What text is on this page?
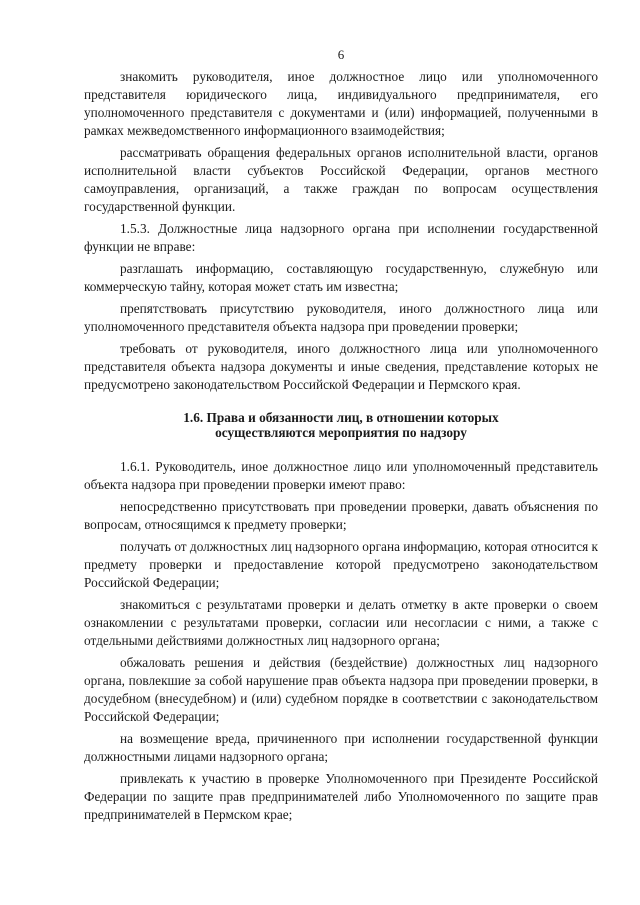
6

знакомить руководителя, иное должностное лицо или уполномоченного представителя юридического лица, индивидуального предпринимателя, его уполномоченного представителя с документами и (или) информацией, полученными в рамках межведомственного информационного взаимодействия;

рассматривать обращения федеральных органов исполнительной власти, органов исполнительной власти субъектов Российской Федерации, органов местного самоуправления, организаций, а также граждан по вопросам осуществления государственной функции.

1.5.3. Должностные лица надзорного органа при исполнении государственной функции не вправе:

разглашать информацию, составляющую государственную, служебную или коммерческую тайну, которая может стать им известна;

препятствовать присутствию руководителя, иного должностного лица или уполномоченного представителя объекта надзора при проведении проверки;

требовать от руководителя, иного должностного лица или уполномоченного представителя объекта надзора документы и иные сведения, представление которых не предусмотрено законодательством Российской Федерации и Пермского края.

1.6. Права и обязанности лиц, в отношении которых
осуществляются мероприятия по надзору

1.6.1. Руководитель, иное должностное лицо или уполномоченный представитель объекта надзора при проведении проверки имеют право:

непосредственно присутствовать при проведении проверки, давать объяснения по вопросам, относящимся к предмету проверки;

получать от должностных лиц надзорного органа информацию, которая относится к предмету проверки и предоставление которой предусмотрено законодательством Российской Федерации;

знакомиться с результатами проверки и делать отметку в акте проверки о своем ознакомлении с результатами проверки, согласии или несогласии с ними, а также с отдельными действиями должностных лиц надзорного органа;

обжаловать решения и действия (бездействие) должностных лиц надзорного органа, повлекшие за собой нарушение прав объекта надзора при проведении проверки, в досудебном (внесудебном) и (или) судебном порядке в соответствии с законодательством Российской Федерации;

на возмещение вреда, причиненного при исполнении государственной функции должностными лицами надзорного органа;

привлекать к участию в проверке Уполномоченного при Президенте Российской Федерации по защите прав предпринимателей либо Уполномоченного по защите прав предпринимателей в Пермском крае;
